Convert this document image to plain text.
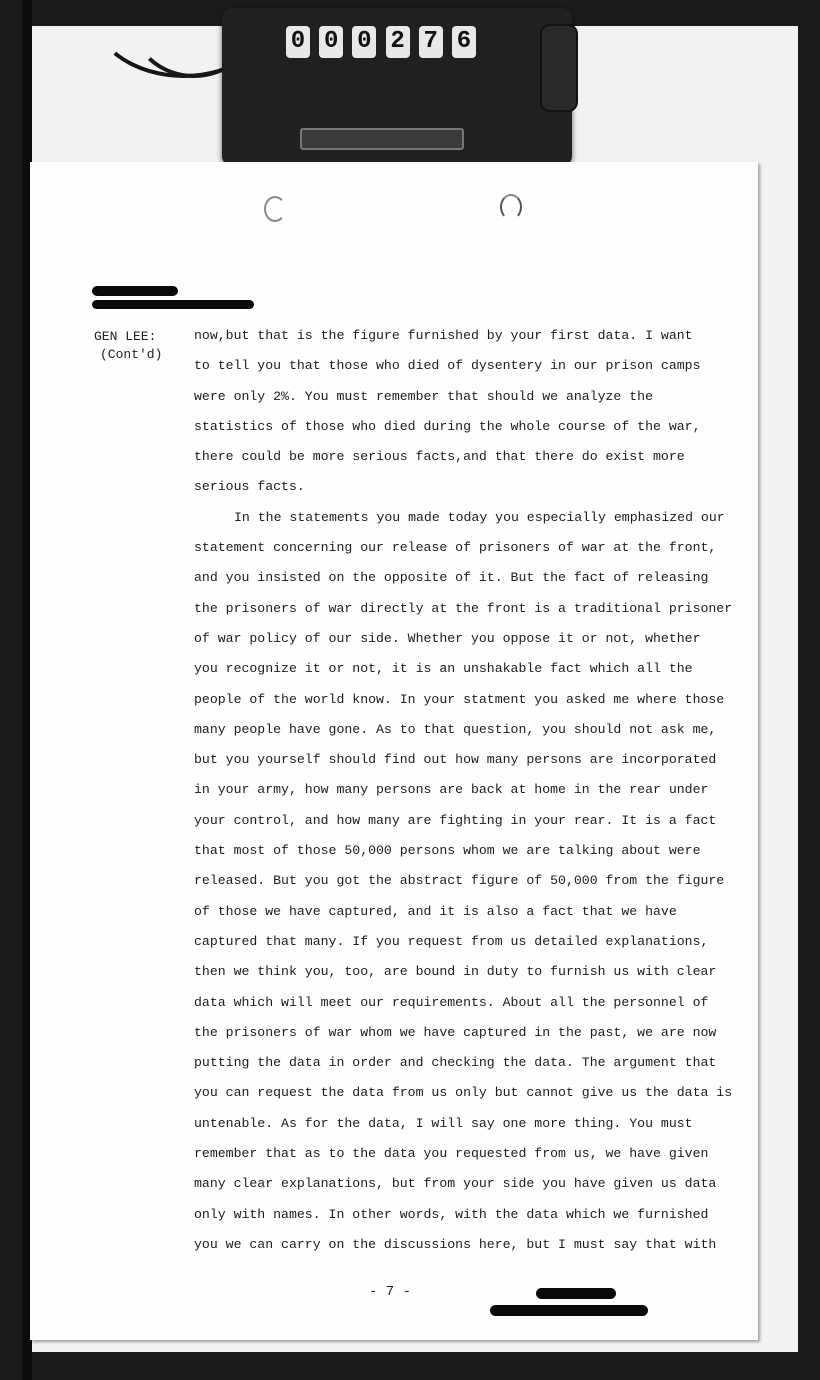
0 0 0 2 7 6
GEN LEE:
(Cont'd)
now,but that is the figure furnished by your first data. I want
to tell you that those who died of dysentery in our prison camps
were only 2%. You must remember that should we analyze the
statistics of those who died during the whole course of the war,
there could be more serious facts,and that there do exist more
serious facts.
In the statements you made today you especially emphasized our
statement concerning our release of prisoners of war at the front,
and you insisted on the opposite of it. But the fact of releasing
the prisoners of war directly at the front is a traditional prisoner
of war policy of our side. Whether you oppose it or not, whether
you recognize it or not, it is an unshakable fact which all the
people of the world know. In your statment you asked me where those
many people have gone. As to that question, you should not ask me,
but you yourself should find out how many persons are incorporated
in your army, how many persons are back at home in the rear under
your control, and how many are fighting in your rear. It is a fact
that most of those 50,000 persons whom we are talking about were
released. But you got the abstract figure of 50,000 from the figure
of those we have captured, and it is also a fact that we have
captured that many. If you request from us detailed explanations,
then we think you, too, are bound in duty to furnish us with clear
data which will meet our requirements. About all the personnel of
the prisoners of war whom we have captured in the past, we are now
putting the data in order and checking the data. The argument that
you can request the data from us only but cannot give us the data is
untenable. As for the data, I will say one more thing. You must
remember that as to the data you requested from us, we have given
many clear explanations, but from your side you have given us data
only with names. In other words, with the data which we furnished
you we can carry on the discussions here, but I must say that with
- 7 -
